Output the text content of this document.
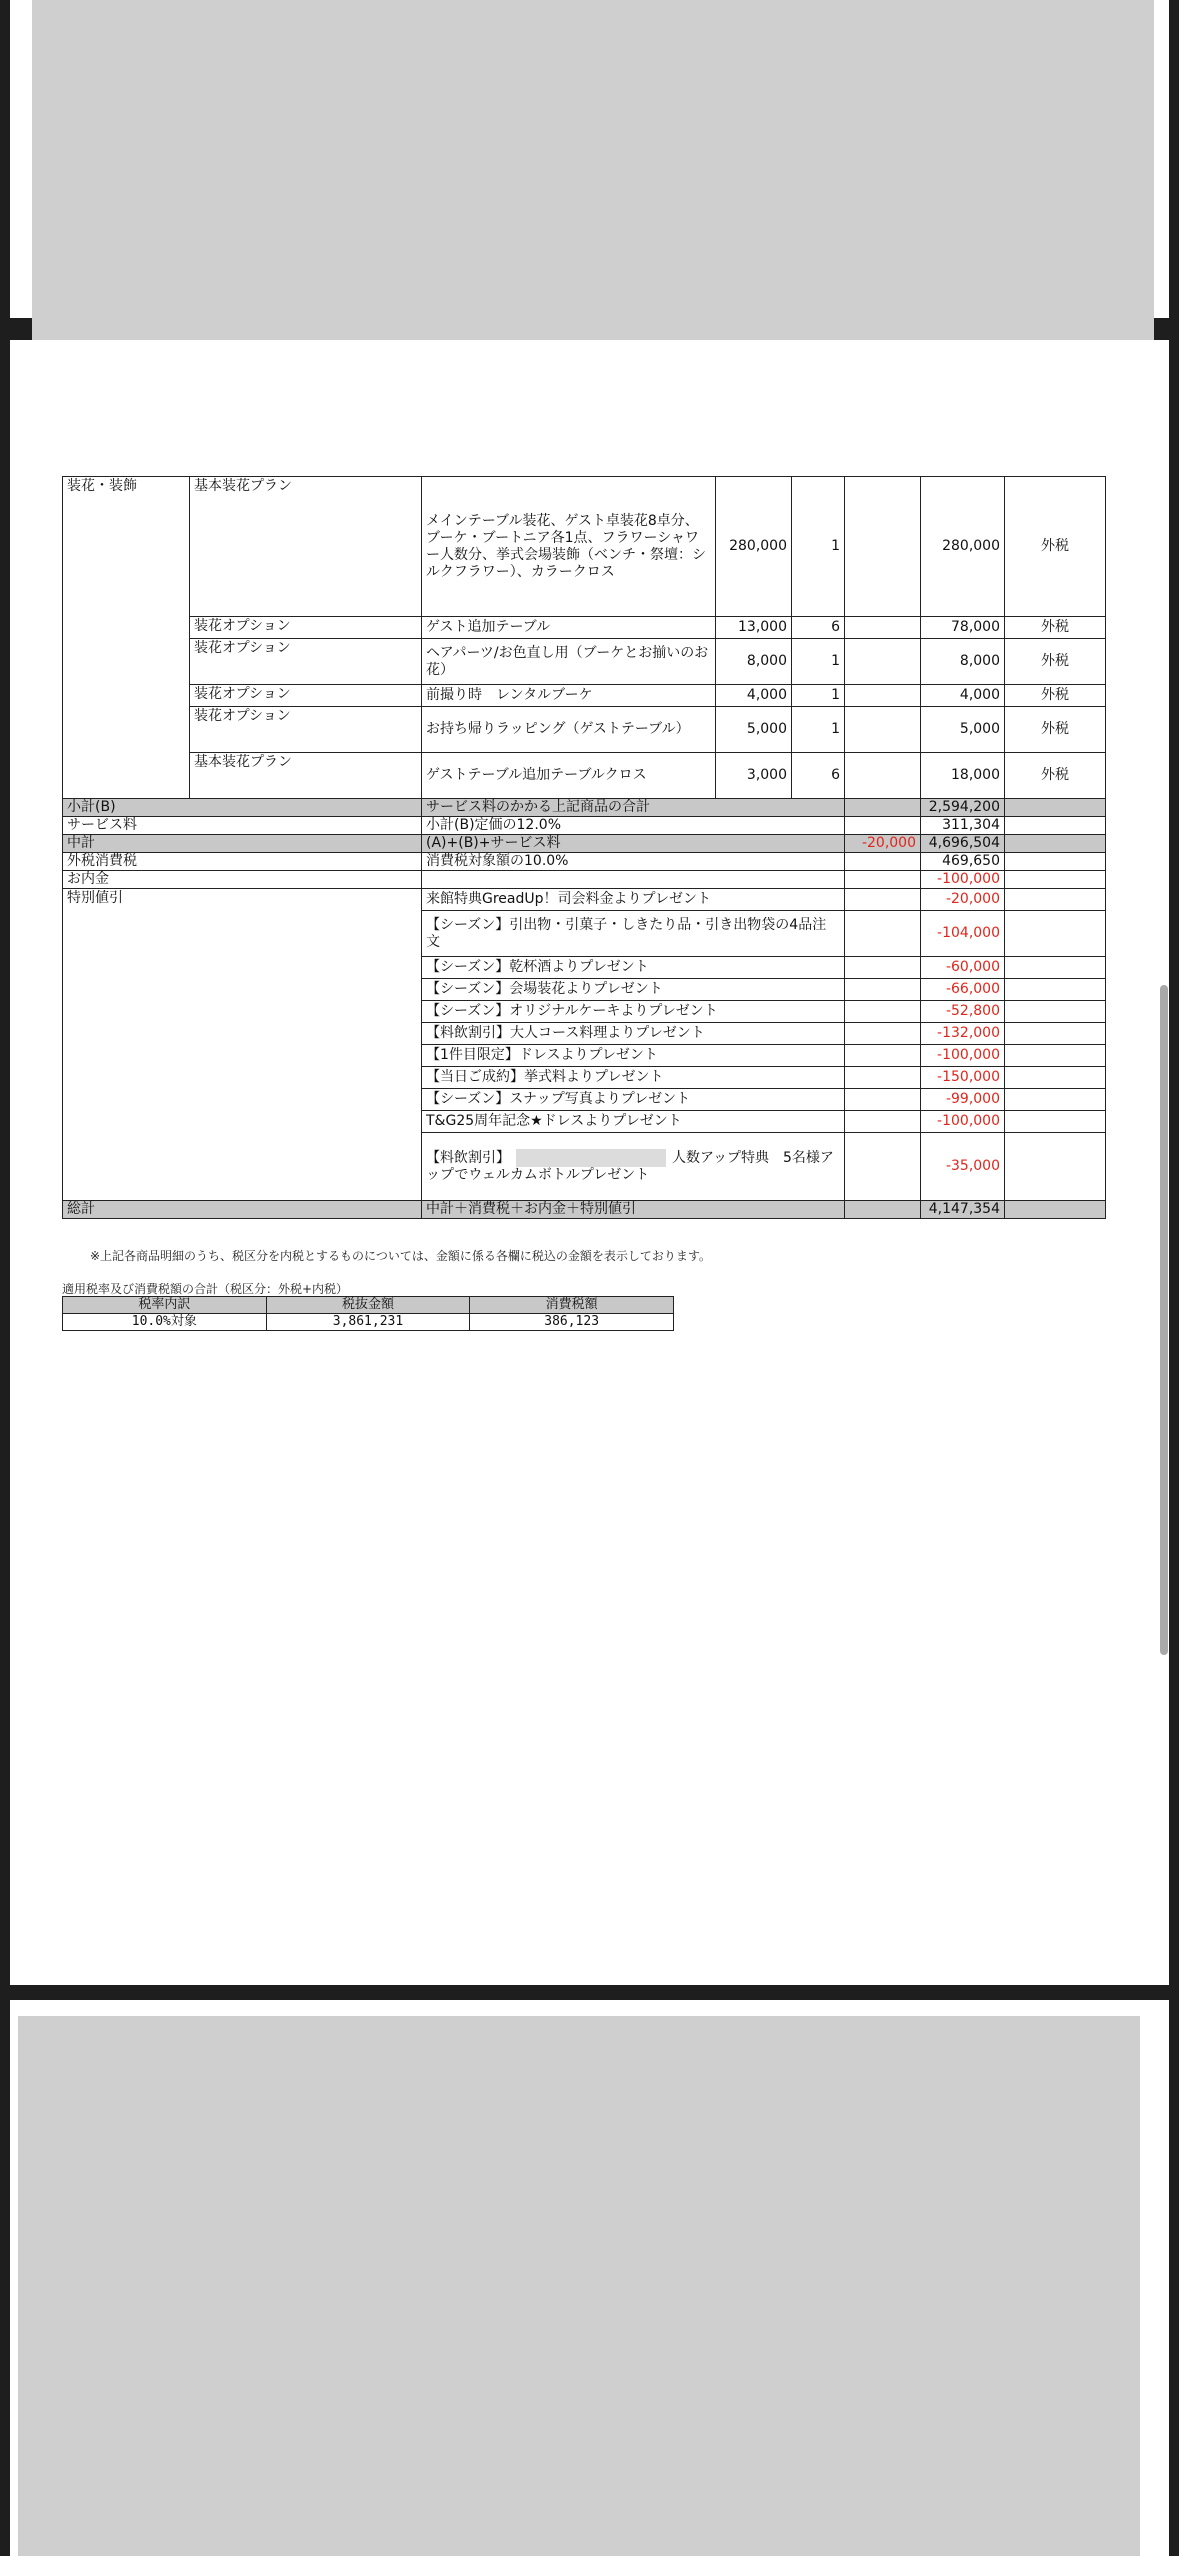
装花・装飾	基本装花プラン	メインテーブル装花、ゲスト卓装花8卓分、ブーケ・ブートニア各1点、フラワーシャワー人数分、挙式会場装飾（ベンチ・祭壇：シルクフラワー）、カラークロス	280,000	1		280,000	外税
	装花オプション	ゲスト追加テーブル	13,000	6		78,000	外税
	装花オプション	ヘアパーツ/お色直し用（ブーケとお揃いのお花）	8,000	1		8,000	外税
	装花オプション	前撮り時　レンタルブーケ	4,000	1		4,000	外税
	装花オプション	お持ち帰りラッピング（ゲストテーブル）	5,000	1		5,000	外税
	基本装花プラン	ゲストテーブル追加テーブルクロス	3,000	6		18,000	外税
小計(B)		サービス料のかかる上記商品の合計				2,594,200	
サービス料		小計(B)定価の12.0%				311,304	
中計		(A)+(B)+サービス料			-20,000	4,696,504	
外税消費税		消費税対象額の10.0%				469,650	
お内金						-100,000	
特別値引		来館特典GreadUp！司会料金よりプレゼント				-20,000	
		【シーズン】引出物・引菓子・しきたり品・引き出物袋の4品注文				-104,000	
		【シーズン】乾杯酒よりプレゼント				-60,000	
		【シーズン】会場装花よりプレゼント				-66,000	
		【シーズン】オリジナルケーキよりプレゼント				-52,800	
		【料飲割引】大人コース料理よりプレゼント				-132,000	
		【1件目限定】ドレスよりプレゼント				-100,000	
		【当日ご成約】挙式料よりプレゼント				-150,000	
		【シーズン】スナップ写真よりプレゼント				-99,000	
		T&G25周年記念★ドレスよりプレゼント				-100,000	
		【料飲割引】 人数アップ特典　5名様アップでウェルカムボトルプレゼント				-35,000	
総計		中計＋消費税＋お内金＋特別値引				4,147,354	
※上記各商品明細のうち、税区分を内税とするものについては、金額に係る各欄に税込の金額を表示しております。
適用税率及び消費税額の合計（税区分：外税+内税）
税率内訳	税抜金額	消費税額
10.0%対象	3,861,231	386,123
